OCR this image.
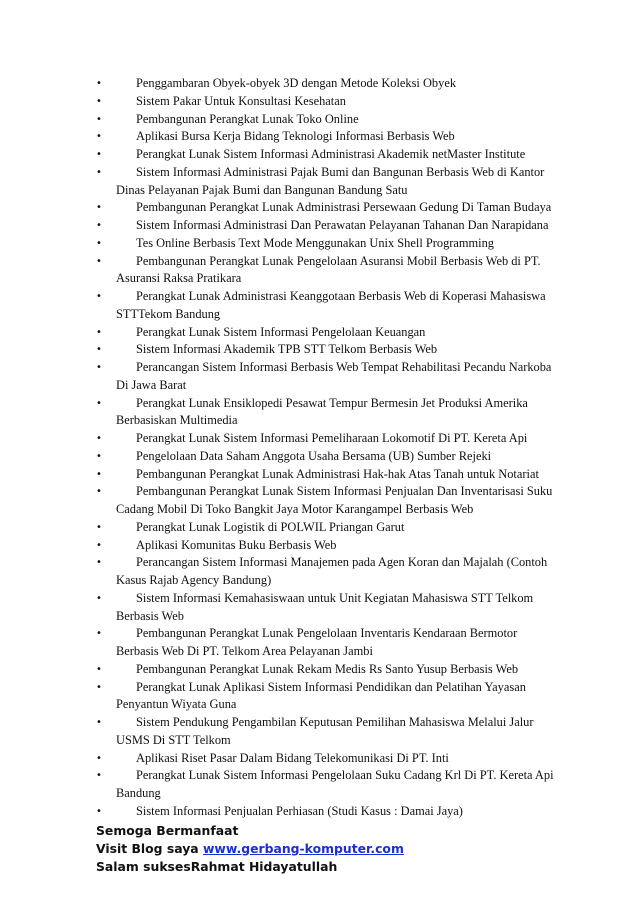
•	Penggambaran Obyek-obyek 3D dengan Metode Koleksi Obyek
•	Sistem Pakar Untuk Konsultasi Kesehatan
•	Pembangunan Perangkat Lunak Toko Online
•	Aplikasi Bursa Kerja Bidang Teknologi Informasi Berbasis Web
•	Perangkat Lunak Sistem Informasi Administrasi Akademik netMaster Institute
•	Sistem Informasi Administrasi Pajak Bumi dan Bangunan Berbasis Web di Kantor Dinas Pelayanan Pajak Bumi dan Bangunan Bandung Satu
•	Pembangunan Perangkat Lunak Administrasi Persewaan Gedung Di Taman Budaya
•	Sistem Informasi Administrasi Dan Perawatan Pelayanan Tahanan Dan Narapidana
•	Tes Online Berbasis Text Mode Menggunakan Unix Shell Programming
•	Pembangunan Perangkat Lunak Pengelolaan Asuransi Mobil Berbasis Web di PT. Asuransi Raksa Pratikara
•	Perangkat Lunak Administrasi Keanggotaan Berbasis Web di Koperasi Mahasiswa STTTekom Bandung
•	Perangkat Lunak Sistem Informasi Pengelolaan Keuangan
•	Sistem Informasi Akademik TPB STT Telkom Berbasis Web
•	Perancangan Sistem Informasi Berbasis Web Tempat Rehabilitasi Pecandu Narkoba Di Jawa Barat
•	Perangkat Lunak Ensiklopedi Pesawat Tempur Bermesin Jet Produksi Amerika Berbasiskan Multimedia
•	Perangkat Lunak Sistem Informasi Pemeliharaan Lokomotif Di PT. Kereta Api
•	Pengelolaan Data Saham Anggota Usaha Bersama (UB) Sumber Rejeki
•	Pembangunan Perangkat Lunak Administrasi Hak-hak Atas Tanah untuk Notariat
•	Pembangunan Perangkat Lunak Sistem Informasi Penjualan Dan Inventarisasi Suku Cadang Mobil Di Toko Bangkit Jaya Motor Karangampel Berbasis Web
•	Perangkat Lunak Logistik di POLWIL Priangan Garut
•	Aplikasi Komunitas Buku Berbasis Web
•	Perancangan Sistem Informasi Manajemen pada Agen Koran dan Majalah (Contoh Kasus Rajab Agency Bandung)
•	Sistem Informasi Kemahasiswaan untuk Unit Kegiatan Mahasiswa STT Telkom Berbasis Web
•	Pembangunan Perangkat Lunak Pengelolaan Inventaris Kendaraan Bermotor Berbasis Web Di PT. Telkom Area Pelayanan Jambi
•	Pembangunan Perangkat Lunak Rekam Medis Rs Santo Yusup Berbasis Web
•	Perangkat Lunak Aplikasi Sistem Informasi Pendidikan dan Pelatihan Yayasan Penyantun Wiyata Guna
•	Sistem Pendukung Pengambilan Keputusan Pemilihan Mahasiswa Melalui Jalur USMS Di STT Telkom
•	Aplikasi Riset Pasar Dalam Bidang Telekomunikasi Di PT. Inti
•	Perangkat Lunak Sistem Informasi Pengelolaan Suku Cadang Krl Di PT. Kereta Api Bandung
•	Sistem Informasi Penjualan Perhiasan (Studi Kasus : Damai Jaya)
Semoga Bermanfaat
Visit Blog saya www.gerbang-komputer.com
Salam suksesRahmat Hidayatullah
